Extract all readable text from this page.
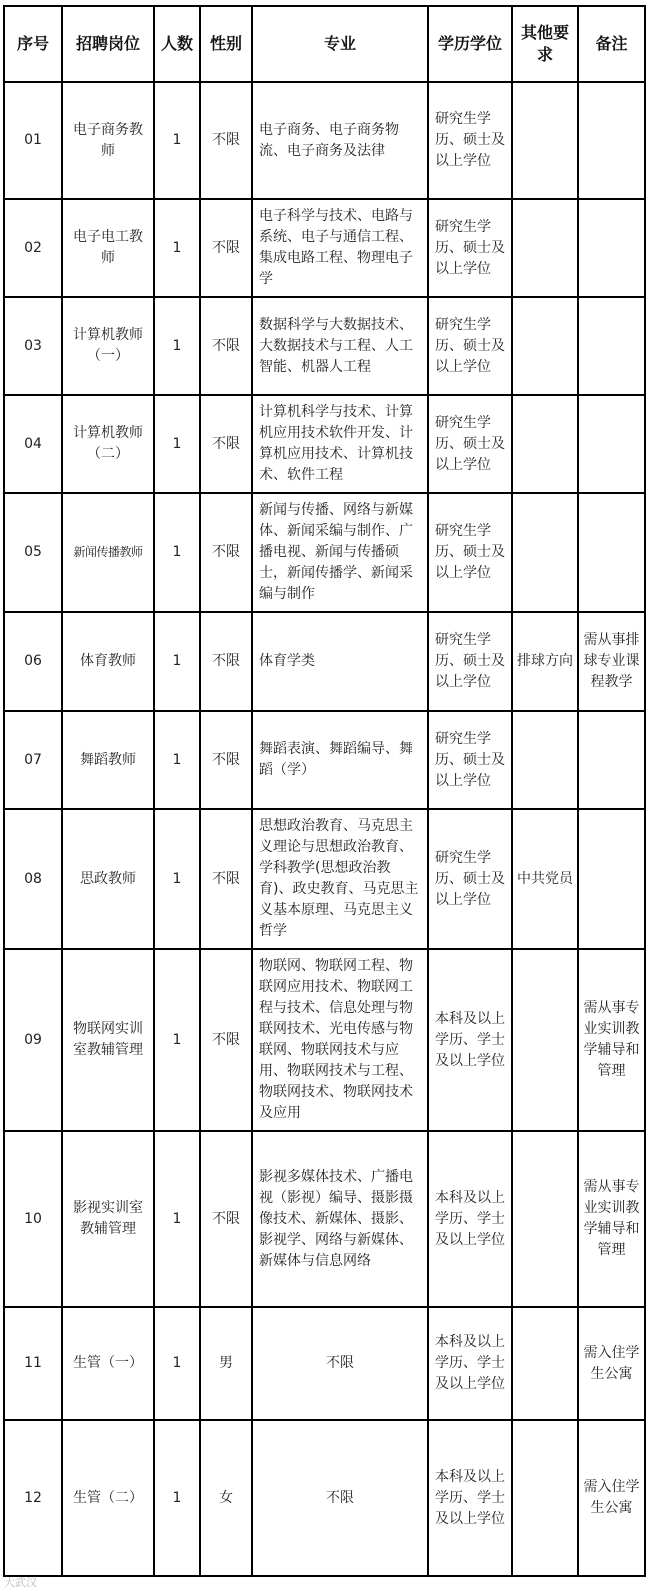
序号	招聘岗位	人数	性别	专业	学历学位	其他要求	备注
01	电子商务教师	1	不限	电子商务、电子商务物流、电子商务及法律	研究生学历、硕士及以上学位		
02	电子电工教师	1	不限	电子科学与技术、电路与系统、电子与通信工程、集成电路工程、物理电子学	研究生学历、硕士及以上学位		
03	计算机教师（一）	1	不限	数据科学与大数据技术、大数据技术与工程、人工智能、机器人工程	研究生学历、硕士及以上学位		
04	计算机教师（二）	1	不限	计算机科学与技术、计算机应用技术软件开发、计算机应用技术、计算机技术、软件工程	研究生学历、硕士及以上学位		
05	新闻传播教师	1	不限	新闻与传播、网络与新媒体、新闻采编与制作、广播电视、新闻与传播硕士，新闻传播学、新闻采编与制作	研究生学历、硕士及以上学位		
06	体育教师	1	不限	体育学类	研究生学历、硕士及以上学位	排球方向	需从事排球专业课程教学
07	舞蹈教师	1	不限	舞蹈表演、舞蹈编导、舞蹈（学）	研究生学历、硕士及以上学位		
08	思政教师	1	不限	思想政治教育、马克思主义理论与思想政治教育、学科教学(思想政治教育)、政史教育、马克思主义基本原理、马克思主义哲学	研究生学历、硕士及以上学位	中共党员	
09	物联网实训室教辅管理	1	不限	物联网、物联网工程、物联网应用技术、物联网工程与技术、信息处理与物联网技术、光电传感与物联网、物联网技术与应用、物联网技术与工程、物联网技术、物联网技术及应用	本科及以上学历、学士及以上学位		需从事专业实训教学辅导和管理
10	影视实训室教辅管理	1	不限	影视多媒体技术、广播电视（影视）编导、摄影摄像技术、新媒体、摄影、影视学、网络与新媒体、新媒体与信息网络	本科及以上学历、学士及以上学位		需从事专业实训教学辅导和管理
11	生管（一）	1	男	不限	本科及以上学历、学士及以上学位		需入住学生公寓
12	生管（二）	1	女	不限	本科及以上学历、学士及以上学位		需入住学生公寓
大武汉
